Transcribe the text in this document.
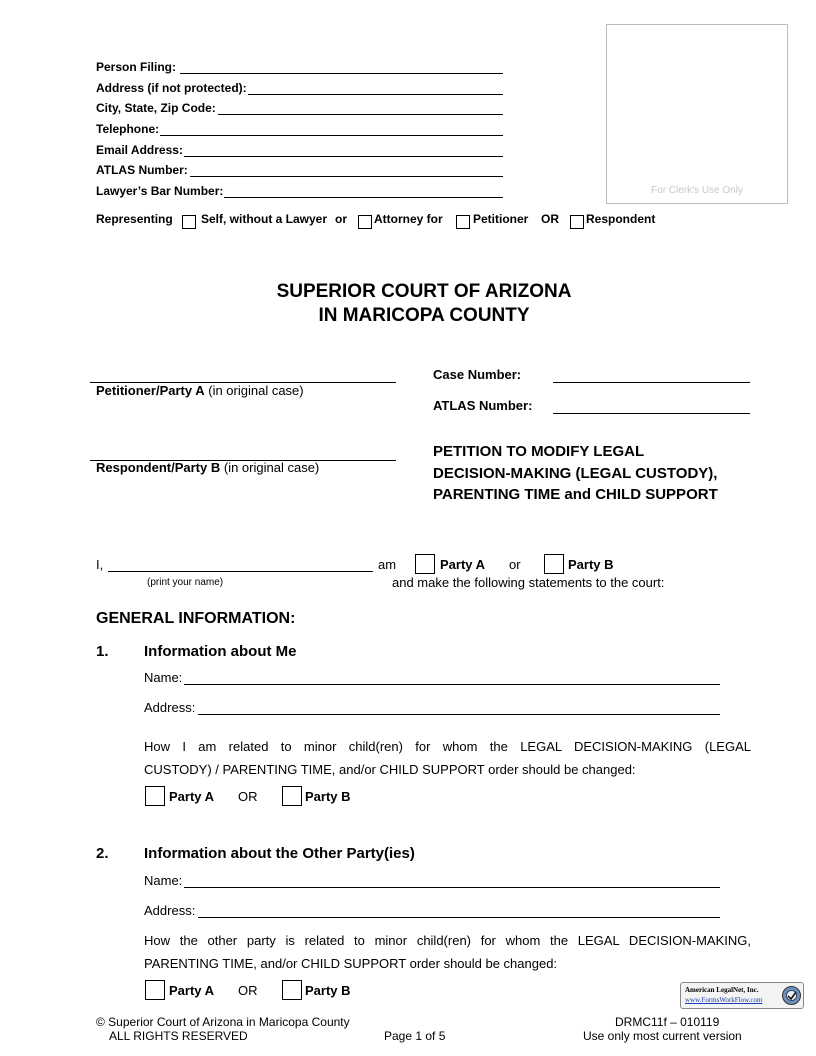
Person Filing:
Address (if not protected):
City, State, Zip Code:
Telephone:
Email Address:
ATLAS Number:
Lawyer’s Bar Number:	For Clerk's Use Only
Representing Self, without a Lawyer or Attorney for	Petitioner OR Respondent
SUPERIOR COURT OF ARIZONA
IN MARICOPA COUNTY
Petitioner/Party A (in original case)
Respondent/Party B (in original case)
Case Number:
ATLAS Number:
PETITION TO MODIFY LEGAL
DECISION-MAKING (LEGAL CUSTODY),
PARENTING TIME and CHILD SUPPORT
I,	am	Party A or	Party B
(print your name)	and make the following statements to the court:
GENERAL INFORMATION:
1. Information about Me
Name:
Address:
How I am related to minor child(ren) for whom the LEGAL DECISION-MAKING (LEGAL
CUSTODY) / PARENTING TIME, and/or CHILD SUPPORT order should be changed:
Party A OR	Party B
2. Information about the Other Party(ies)
Name:
Address:
How the other party is related to minor child(ren) for whom the LEGAL DECISION-MAKING,
PARENTING TIME, and/or CHILD SUPPORT order should be changed:
Party A OR	Party B	American LegalNet, Inc.
www.FormsWorkFlow.com
© Superior Court of Arizona in Maricopa County
ALL RIGHTS RESERVED	Page 1 of 5
DRMC11f – 010119
Use only most current version
